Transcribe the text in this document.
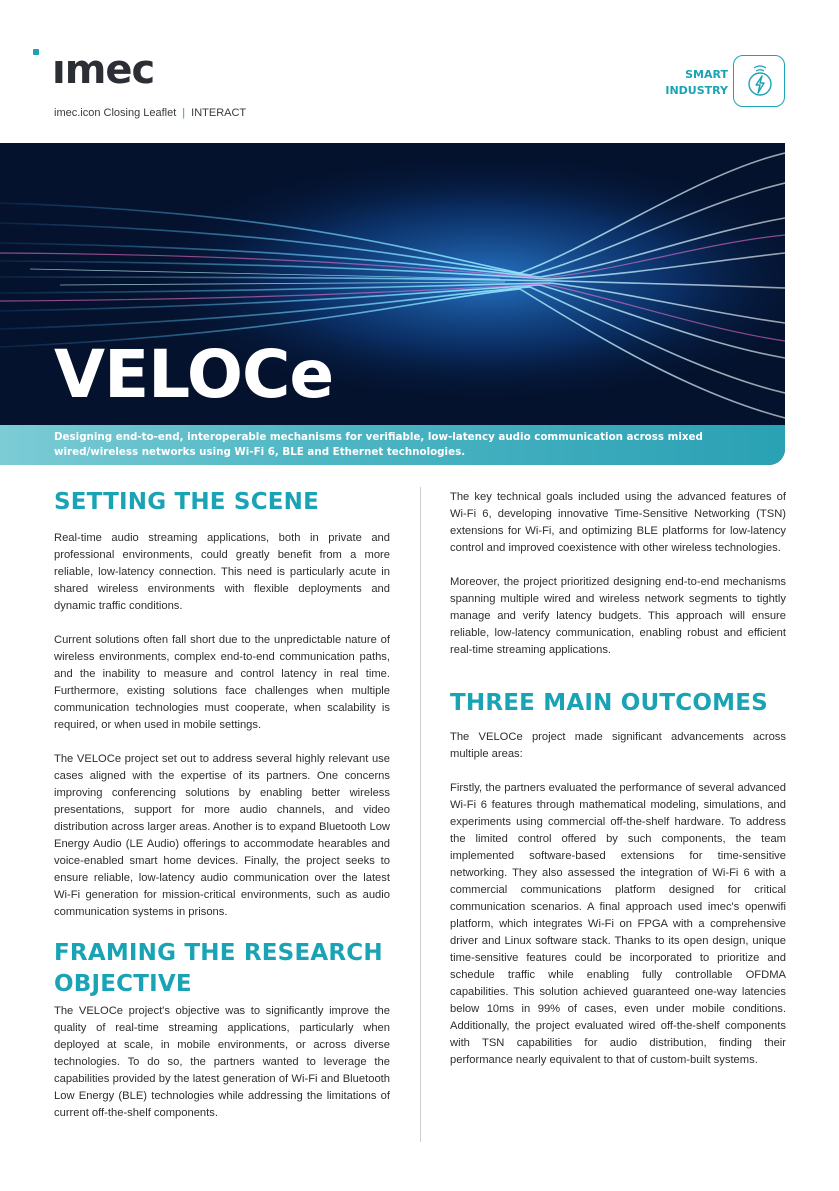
ımec
imec.icon Closing Leaflet | INTERACT
SMART
INDUSTRY
VELOCe
Designing end-to-end, interoperable mechanisms for verifiable, low-latency audio communication across mixed wired/wireless networks using Wi-Fi 6, BLE and Ethernet technologies.
SETTING THE SCENE

Real-time audio streaming applications, both in private and professional environments, could greatly benefit from a more reliable, low-latency connection. This need is particularly acute in shared wireless environments with flexible deployments and dynamic traffic conditions.

Current solutions often fall short due to the unpredictable nature of wireless environments, complex end-to-end communication paths, and the inability to measure and control latency in real time. Furthermore, existing solutions face challenges when multiple communication technologies must cooperate, when scalability is required, or when used in mobile settings.

The VELOCe project set out to address several highly relevant use cases aligned with the expertise of its partners. One concerns improving conferencing solutions by enabling better wireless presentations, support for more audio channels, and video distribution across larger areas. Another is to expand Bluetooth Low Energy Audio (LE Audio) offerings to accommodate hearables and voice-enabled smart home devices. Finally, the project seeks to ensure reliable, low-latency audio communication over the latest Wi-Fi generation for mission-critical environments, such as audio communication systems in prisons.

FRAMING THE RESEARCH
OBJECTIVE

The VELOCe project's objective was to significantly improve the quality of real-time streaming applications, particularly when deployed at scale, in mobile environments, or across diverse technologies. To do so, the partners wanted to leverage the capabilities provided by the latest generation of Wi-Fi and Bluetooth Low Energy (BLE) technologies while addressing the limitations of current off-the-shelf components.

The key technical goals included using the advanced features of Wi-Fi 6, developing innovative Time-Sensitive Networking (TSN) extensions for Wi-Fi, and optimizing BLE platforms for low-latency control and improved coexistence with other wireless technologies.

Moreover, the project prioritized designing end-to-end mechanisms spanning multiple wired and wireless network segments to tightly manage and verify latency budgets. This approach will ensure reliable, low-latency communication, enabling robust and efficient real-time streaming applications.

THREE MAIN OUTCOMES

The VELOCe project made significant advancements across multiple areas:

Firstly, the partners evaluated the performance of several advanced Wi-Fi 6 features through mathematical modeling, simulations, and experiments using commercial off-the-shelf hardware. To address the limited control offered by such components, the team implemented software-based extensions for time-sensitive networking. They also assessed the integration of Wi-Fi 6 with a commercial communications platform designed for critical communication scenarios. A final approach used imec's openwifi platform, which integrates Wi-Fi on FPGA with a comprehensive driver and Linux software stack. Thanks to its open design, unique time-sensitive features could be incorporated to prioritize and schedule traffic while enabling fully controllable OFDMA capabilities. This solution achieved guaranteed one-way latencies below 10ms in 99% of cases, even under mobile conditions. Additionally, the project evaluated wired off-the-shelf components with TSN capabilities for audio distribution, finding their performance nearly equivalent to that of custom-built systems.
